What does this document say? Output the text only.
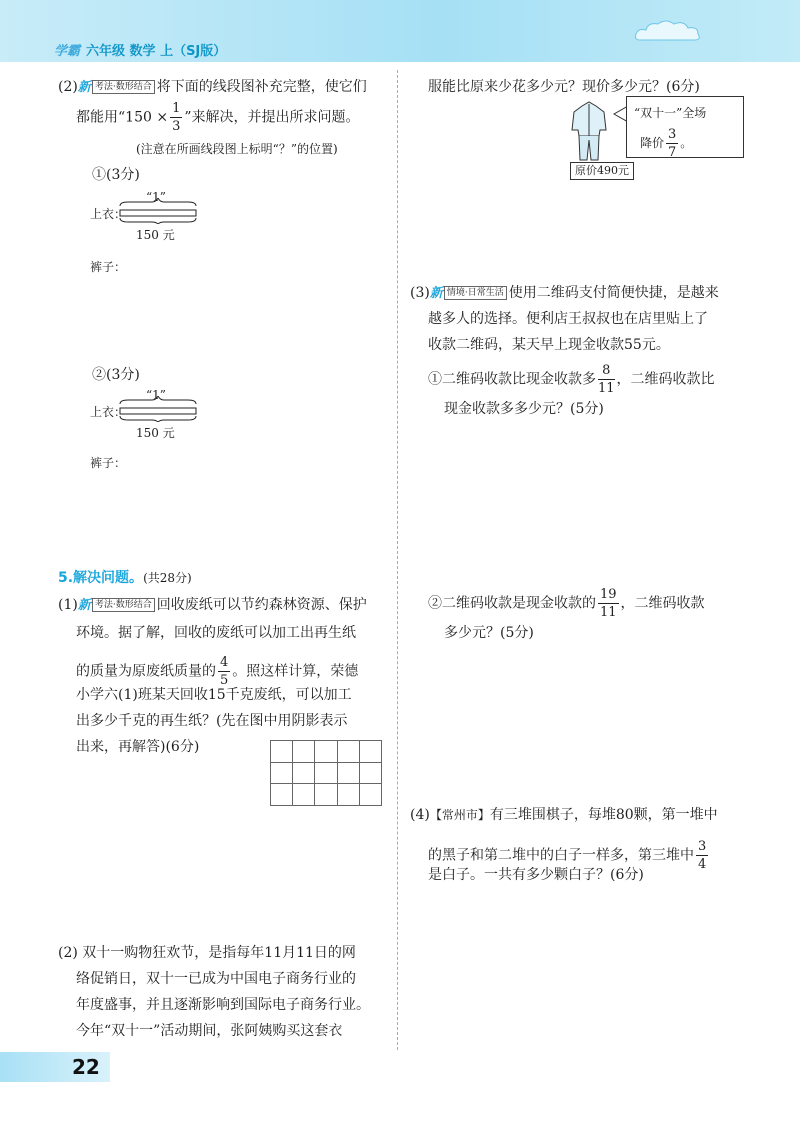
学霸 六年级 数学 上（SJ版）
(2)新 考法·数形结合 将下面的线段图补充完整，使它们
都能用“$150 \times \frac{1}{3}$ ”来解决，并提出所求问题。
(注意在所画线段图上标明“？”的位置)
①(3分)
“1”
上衣：
150 元
裤子：
②(3分)
“1”
上衣：
150 元
裤子：
5.解决问题。(共28分)
(1)新 考法·数形结合 回收废纸可以节约森林资源、保护
环境。据了解，回收的废纸可以加工出再生纸
的质量为原废纸质量的 $\frac{4}{5}$ 。照这样计算，荣德
小学六(1)班某天回收15千克废纸，可以加工
出多少千克的再生纸？(先在图中用阴影表示
出来，再解答)(6分)

(2) 双十一购物狂欢节，是指每年11月11日的网
络促销日，双十一已成为中国电子商务行业的
年度盛事，并且逐渐影响到国际电子商务行业。
今年“双十一”活动期间，张阿姨购买这套衣
服能比原来少花多少元？现价多少元？(6分)
“双十一”全场
降价 $\frac{3}{7}$ 。
原价490元
(3)新 情境·日常生活 使用二维码支付简便快捷，是越来
越多人的选择。便利店王叔叔也在店里贴上了
收款二维码，某天早上现金收款55元。
①二维码收款比现金收款多 $\frac{8}{11}$ ，二维码收款比
现金收款多多少元？(5分)
②二维码收款是现金收款的 $\frac{19}{11}$ ，二维码收款
多少元？(5分)
(4)【常州市】有三堆围棋子，每堆80颗，第一堆中
的黑子和第二堆中的白子一样多，第三堆中 $\frac{3}{4}$
是白子。一共有多少颗白子？(6分)
22
